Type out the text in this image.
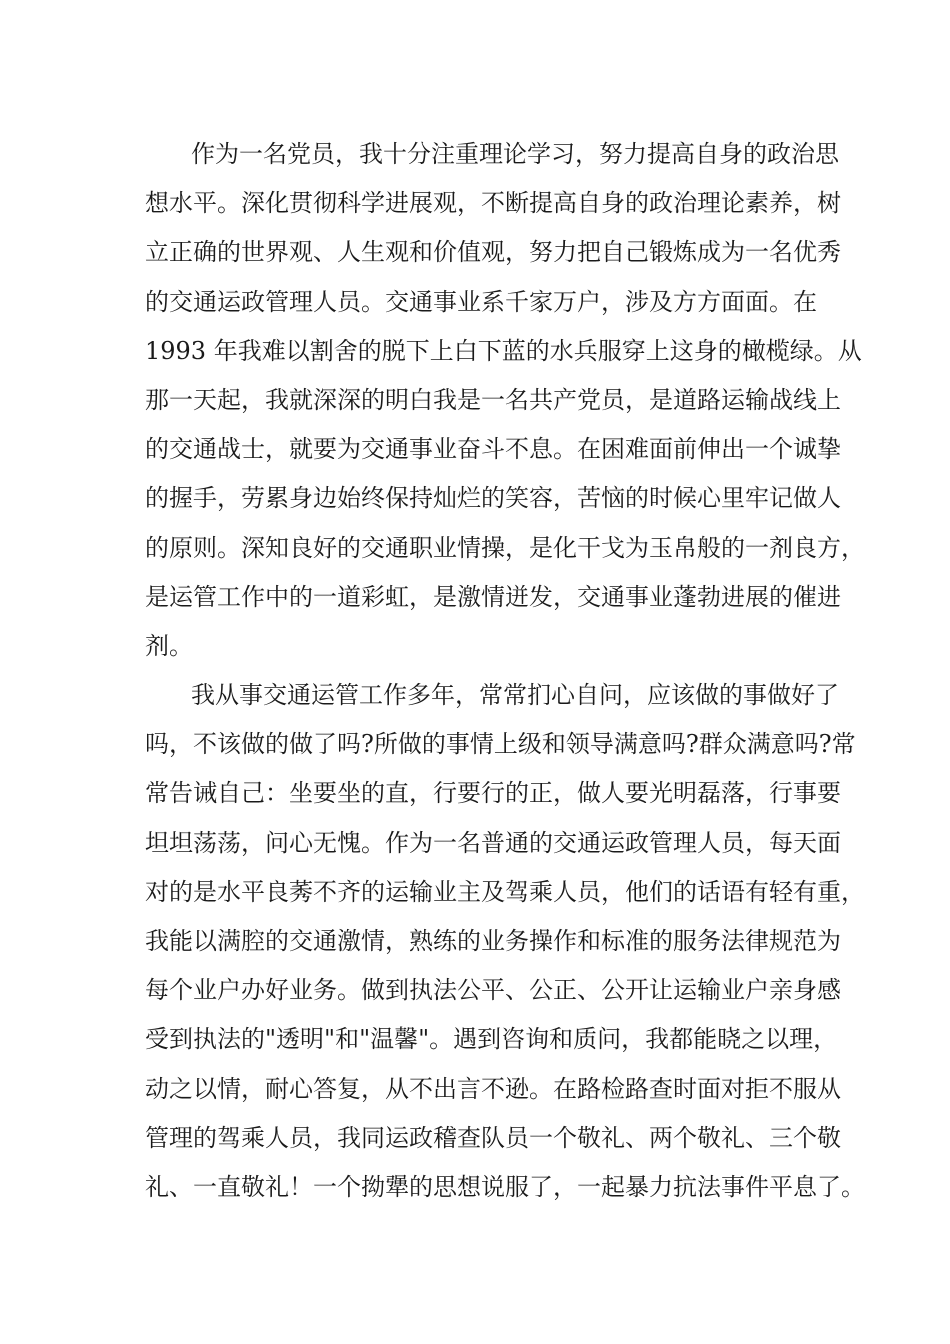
作为一名党员，我十分注重理论学习，努力提高自身的政治思
想水平。深化贯彻科学进展观，不断提高自身的政治理论素养，树
立正确的世界观、人生观和价值观，努力把自己锻炼成为一名优秀
的交通运政管理人员。交通事业系千家万户，涉及方方面面。在
1993 年我难以割舍的脱下上白下蓝的水兵服穿上这身的橄榄绿。从
那一天起，我就深深的明白我是一名共产党员，是道路运输战线上
的交通战士，就要为交通事业奋斗不息。在困难面前伸出一个诚挚
的握手，劳累身边始终保持灿烂的笑容，苦恼的时候心里牢记做人
的原则。深知良好的交通职业情操，是化干戈为玉帛般的一剂良方，
是运管工作中的一道彩虹，是激情迸发，交通事业蓬勃进展的催进
剂。
我从事交通运管工作多年，常常扪心自问，应该做的事做好了
吗，不该做的做了吗?所做的事情上级和领导满意吗?群众满意吗?常
常告诫自己：坐要坐的直，行要行的正，做人要光明磊落，行事要
坦坦荡荡，问心无愧。作为一名普通的交通运政管理人员，每天面
对的是水平良莠不齐的运输业主及驾乘人员，他们的话语有轻有重，
我能以满腔的交通激情，熟练的业务操作和标准的服务法律规范为
每个业户办好业务。做到执法公平、公正、公开让运输业户亲身感
受到执法的"透明"和"温馨"。遇到咨询和质问，我都能晓之以理，
动之以情，耐心答复，从不出言不逊。在路检路查时面对拒不服从
管理的驾乘人员，我同运政稽查队员一个敬礼、两个敬礼、三个敬
礼、一直敬礼！一个拗犟的思想说服了，一起暴力抗法事件平息了。
